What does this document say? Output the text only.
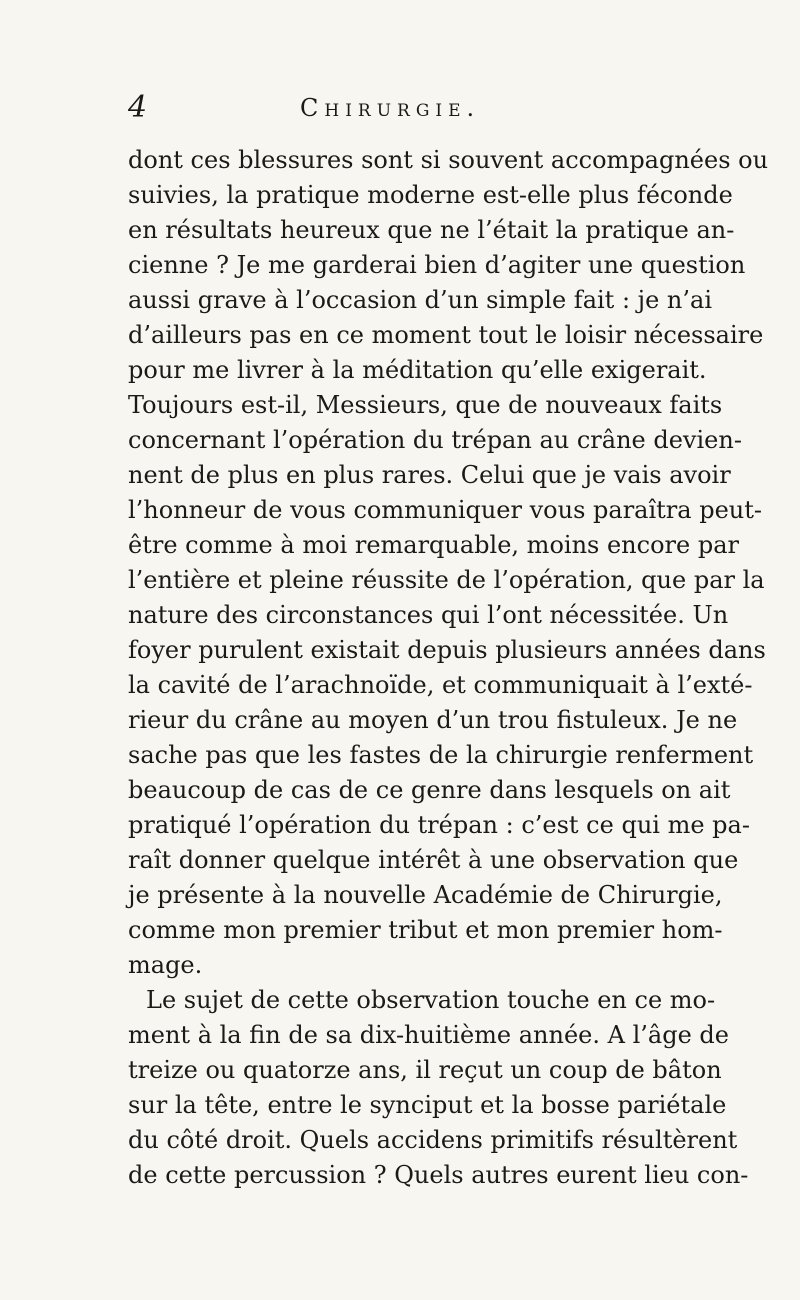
4	Chirurgie.
dont ces blessures sont si souvent accompagnées ou
suivies, la pratique moderne est-elle plus féconde
en résultats heureux que ne l’était la pratique an-
cienne ? Je me garderai bien d’agiter une question
aussi grave à l’occasion d’un simple fait : je n’ai
d’ailleurs pas en ce moment tout le loisir nécessaire
pour me livrer à la méditation qu’elle exigerait.
Toujours est-il, Messieurs, que de nouveaux faits
concernant l’opération du trépan au crâne devien-
nent de plus en plus rares. Celui que je vais avoir
l’honneur de vous communiquer vous paraîtra peut-
être comme à moi remarquable, moins encore par
l’entière et pleine réussite de l’opération, que par la
nature des circonstances qui l’ont nécessitée. Un
foyer purulent existait depuis plusieurs années dans
la cavité de l’arachnoïde, et communiquait à l’exté-
rieur du crâne au moyen d’un trou fistuleux. Je ne
sache pas que les fastes de la chirurgie renferment
beaucoup de cas de ce genre dans lesquels on ait
pratiqué l’opération du trépan : c’est ce qui me pa-
raît donner quelque intérêt à une observation que
je présente à la nouvelle Académie de Chirurgie,
comme mon premier tribut et mon premier hom-
mage.
Le sujet de cette observation touche en ce mo-
ment à la fin de sa dix-huitième année. A l’âge de
treize ou quatorze ans, il reçut un coup de bâton
sur la tête, entre le synciput et la bosse pariétale
du côté droit. Quels accidens primitifs résultèrent
de cette percussion ? Quels autres eurent lieu con-
